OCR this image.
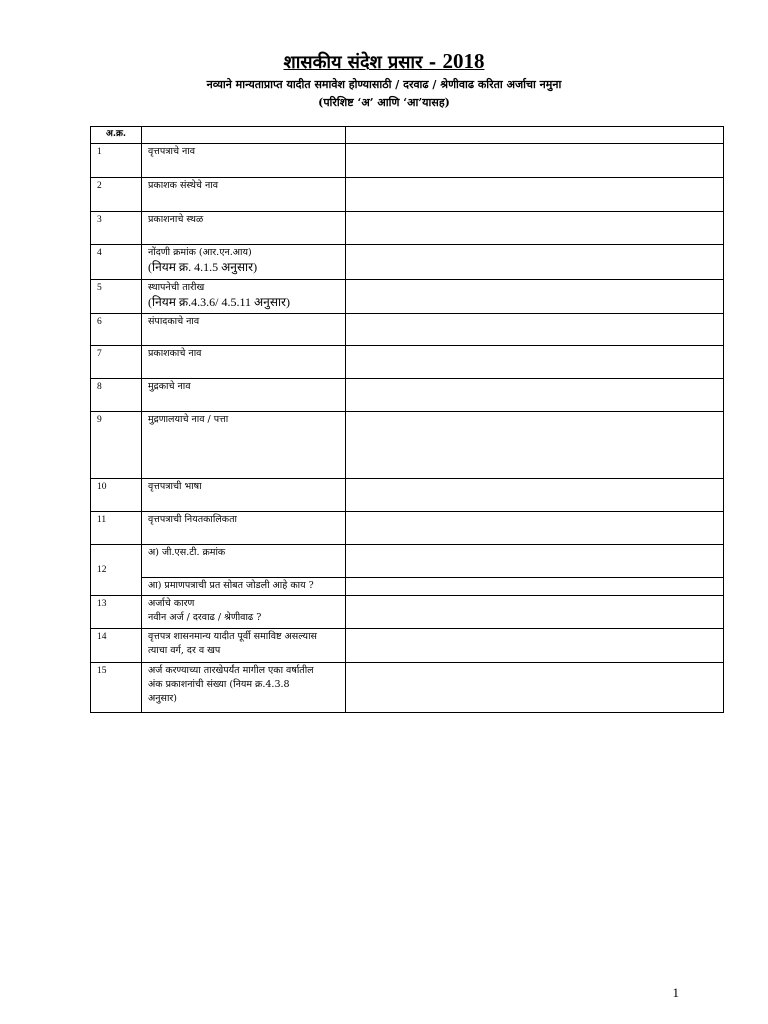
शासकीय संदेश प्रसार - 2018
नव्याने मान्यताप्राप्त यादीत समावेश होण्यासाठी / दरवाढ / श्रेणीवाढ करिता अर्जाचा नमुना
(परिशिष्ट ‘अ’ आणि ‘आ’यासह)
अ.क्र.		
1	वृत्तपत्राचे नाव	
2	प्रकाशक संस्थेचे नाव	
3	प्रकाशनाचे स्थळ	
4	नोंदणी क्रमांक (आर.एन.आय)
(नियम क्र. 4.1.5 अनुसार)	

5	स्थापनेची तारीख
(नियम क्र.4.3.6/ 4.5.11 अनुसार)	

6	संपादकाचे नाव	
7	प्रकाशकाचे नाव	
8	मुद्रकाचे नाव	
9	मुद्रणालयाचे नाव / पत्ता	
10	वृत्तपत्राची भाषा	
11	वृत्तपत्राची नियतकालिकता	
12	अ) जी.एस.टी. क्रमांक	
	आ) प्रमाणपत्राची प्रत सोबत जोडली आहे काय ?	
13	अर्जाचे कारण
नवीन अर्ज / दरवाढ / श्रेणीवाढ ?	

14	वृत्तपत्र शासनमान्य यादीत पूर्वी समाविष्ट असल्यास
त्याचा वर्ग, दर व खप	

15	अर्ज करण्याच्या तारखेपर्यंत मागील एका वर्षातील
अंक प्रकाशनांची संख्या (नियम क्र.4.3.8
अनुसार)	

1
